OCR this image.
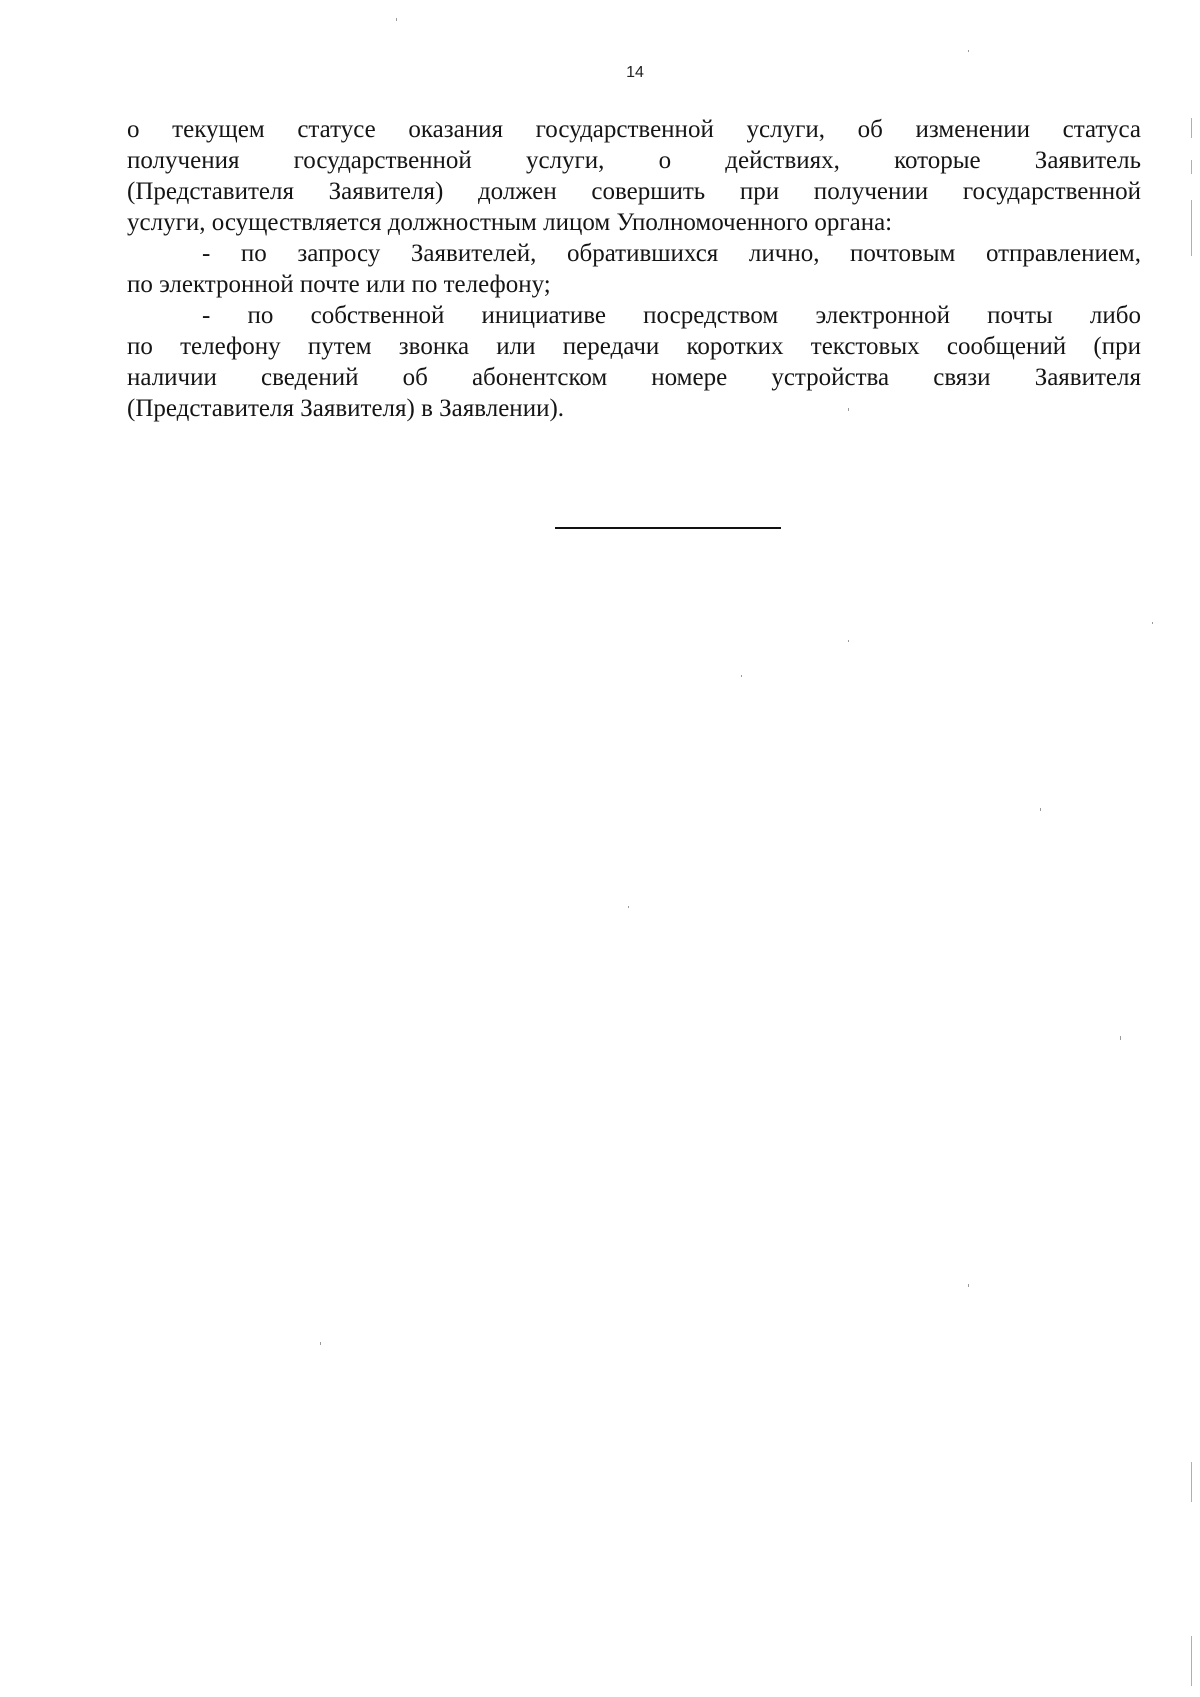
14
о текущем статусе оказания государственной услуги, об изменении статуса
получения государственной услуги, о действиях, которые Заявитель
(Представителя Заявителя) должен совершить при получении государственной
услуги, осуществляется должностным лицом Уполномоченного органа:
- по запросу Заявителей, обратившихся лично, почтовым отправлением,
по электронной почте или по телефону;
- по собственной инициативе посредством электронной почты либо
по телефону путем звонка или передачи коротких текстовых сообщений (при
наличии сведений об абонентском номере устройства связи Заявителя
(Представителя Заявителя) в Заявлении).
